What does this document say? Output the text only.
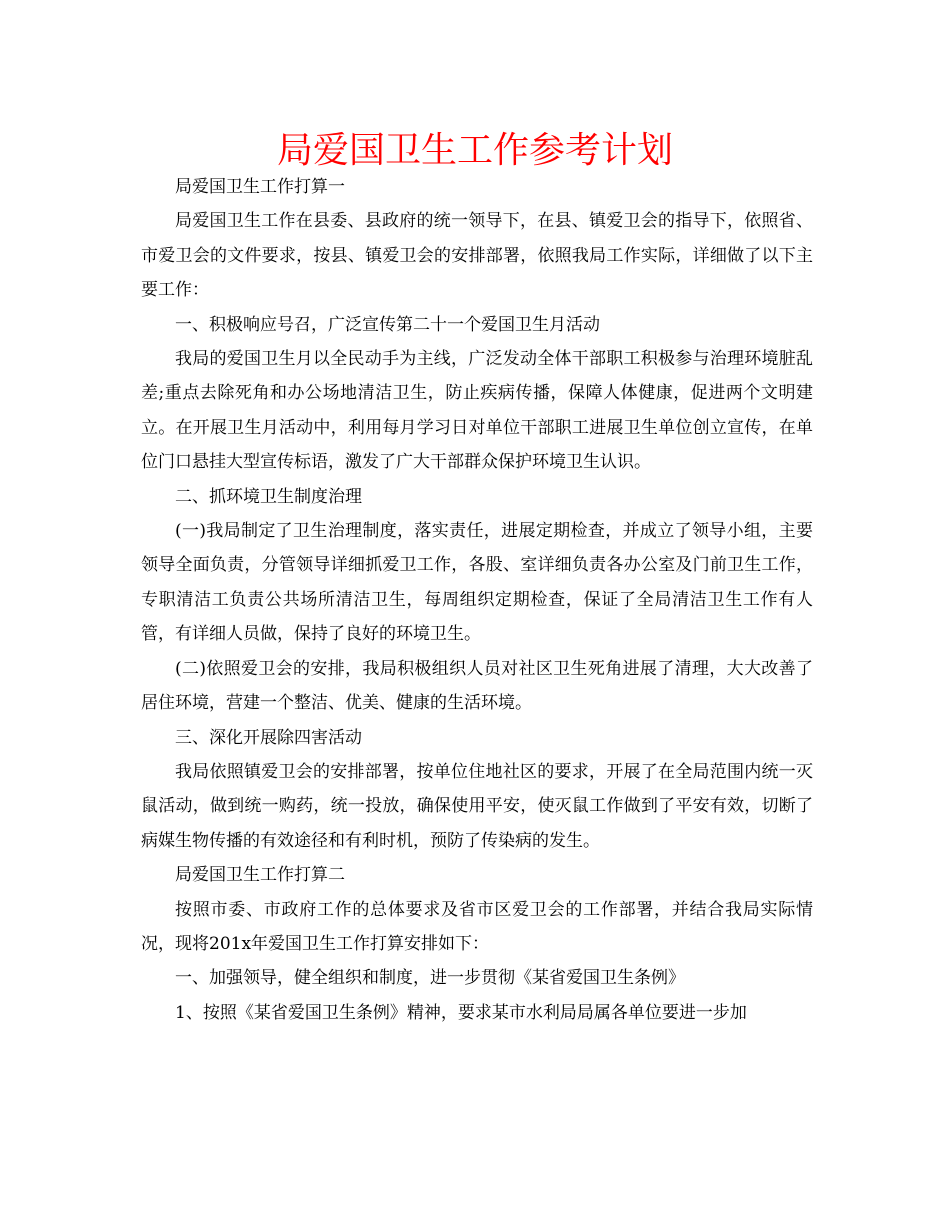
局爱国卫生工作参考计划

局爱国卫生工作打算一

局爱国卫生工作在县委、县政府的统一领导下，在县、镇爱卫会的指导下，依照省、市爱卫会的文件要求，按县、镇爱卫会的安排部署，依照我局工作实际，详细做了以下主要工作：

一、积极响应号召，广泛宣传第二十一个爱国卫生月活动

我局的爱国卫生月以全民动手为主线，广泛发动全体干部职工积极参与治理环境脏乱差;重点去除死角和办公场地清洁卫生，防止疾病传播，保障人体健康，促进两个文明建立。在开展卫生月活动中，利用每月学习日对单位干部职工进展卫生单位创立宣传，在单位门口悬挂大型宣传标语，激发了广大干部群众保护环境卫生认识。

二、抓环境卫生制度治理

(一)我局制定了卫生治理制度，落实责任，进展定期检查，并成立了领导小组，主要领导全面负责，分管领导详细抓爱卫工作，各股、室详细负责各办公室及门前卫生工作，专职清洁工负责公共场所清洁卫生，每周组织定期检查，保证了全局清洁卫生工作有人管，有详细人员做，保持了良好的环境卫生。

(二)依照爱卫会的安排，我局积极组织人员对社区卫生死角进展了清理，大大改善了居住环境，营建一个整洁、优美、健康的生活环境。

三、深化开展除四害活动

我局依照镇爱卫会的安排部署，按单位住地社区的要求，开展了在全局范围内统一灭鼠活动，做到统一购药，统一投放，确保使用平安，使灭鼠工作做到了平安有效，切断了病媒生物传播的有效途径和有利时机，预防了传染病的发生。

局爱国卫生工作打算二

按照市委、市政府工作的总体要求及省市区爱卫会的工作部署，并结合我局实际情况，现将201x年爱国卫生工作打算安排如下：

一、加强领导，健全组织和制度，进一步贯彻《某省爱国卫生条例》

1、按照《某省爱国卫生条例》精神，要求某市水利局局属各单位要进一步加
